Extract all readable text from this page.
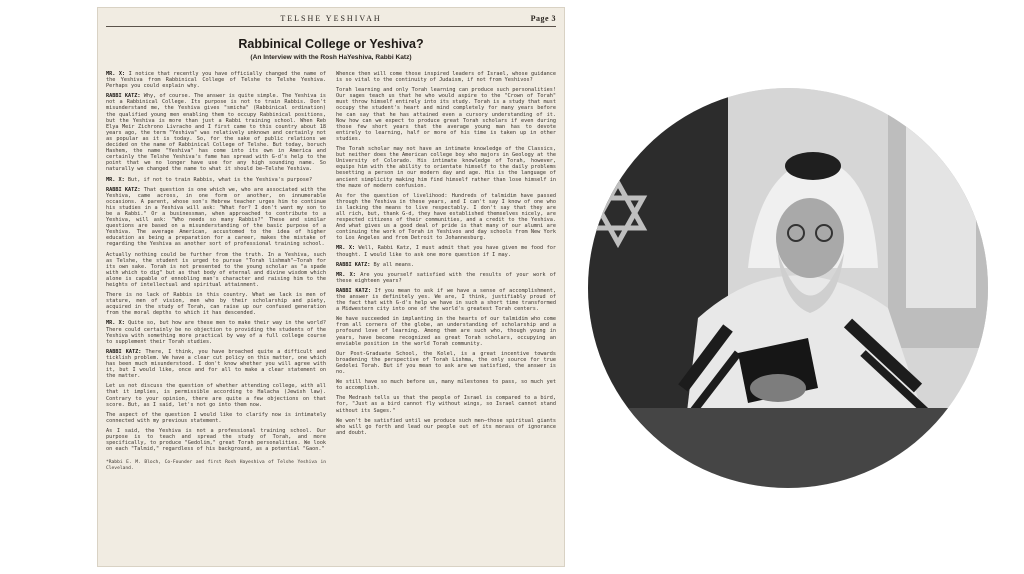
TELSHE YESHIVAH	Page 3
Rabbinical College or Yeshiva?
(An Interview with the Rosh HaYeshiva, Rabbi Katz)

MR. X: I notice that recently you have officially changed the name of the Yeshiva from Rabbinical College of Telshe to Telshe Yeshiva. Perhaps you could explain why.

RABBI KATZ: Why, of course. The answer is quite simple. The Yeshiva is not a Rabbinical College. Its purpose is not to train Rabbis. Don't misunderstand me, the Yeshiva gives "smicha" (Rabbinical ordination) the qualified young men enabling them to occupy Rabbinical positions, but the Yeshiva is more than just a Rabbi training school. When Reb Elya Meir Zichrono Livracho and I first came to this country about 18 years ago, the term "Yeshiva" was relatively unknown and certainly not as popular as it is today. So, for the sake of public relations we decided on the name of Rabbinical College of Telshe. But today, boruch Hashem, the name "Yeshiva" has come into its own in America and certainly the Telshe Yeshiva's fame has spread with G-d's help to the point that we no longer have use for any high sounding name. So naturally we changed the name to what it should be—Telshe Yeshiva.

MR. X: But, if not to train Rabbis, what is the Yeshiva's purpose?

RABBI KATZ: That question is one which we, who are associated with the Yeshiva, came across, in one form or another, on innumerable occasions. A parent, whose son's Hebrew teacher urges him to continue his studies in a Yeshiva will ask: "What for? I don't want my son to be a Rabbi." Or a businessman, when approached to contribute to a Yeshiva, will ask: "Who needs so many Rabbis?" These and similar questions are based on a misunderstanding of the basic purpose of a Yeshiva. The average American, accustomed to the idea of higher education as being a preparation for a career, makes the mistake of regarding the Yeshiva as another sort of professional training school.

Actually nothing could be further from the truth. In a Yeshiva, such as Telshe, the student is urged to pursue "Torah lishmah"—Torah for its own sake. Torah is not presented to the young scholar as "a spade with which to dig" but as that body of eternal and divine wisdom which alone is capable of ennobling man's character and raising him to the heights of intellectual and spiritual attainment.

There is no lack of Rabbis in this country. What we lack is men of stature, men of vision, men who by their scholarship and piety, acquired in the study of Torah, can raise up our confused generation from the moral depths to which it has descended.

MR. X: Quite so, but how are these men to make their way in the world? There could certainly be no objection to providing the students of the Yeshiva with something more practical by way of a full college course to supplement their Torah studies.

RABBI KATZ: There, I think, you have broached quite a difficult and ticklish problem. We have a clear cut policy on this matter, one which has been much misunderstood. I don't know whether you will agree with it, but I would like, once and for all to make a clear statement on the matter.

Let us not discuss the question of whether attending college, with all that it implies, is permissible according to Halacha (Jewish law). Contrary to your opinion, there are quite a few objections on that score. But, as I said, let's not go into them now.

The aspect of the question I would like to clarify now is intimately connected with my previous statement.

As I said, the Yeshiva is not a professional training school. Our purpose is to teach and spread the study of Torah, and more specifically, to produce "Gedolim," great Torah personalities. We look on each "Talmid," regardless of his background, as a potential "Gaon."

*Rabbi E. M. Bloch, Co-Founder and first Rosh Hayeshiva of Telshe Yeshiva in Cleveland.

Whence then will come those inspired leaders of Israel, whose guidance is so vital to the continuity of Judaism, if not from Yeshivos?

Torah learning and only Torah learning can produce such personalities! Our sages teach us that he who would aspire to the "Crown of Torah" must throw himself entirely into its study. Torah is a study that must occupy the student's heart and mind completely for many years before he can say that he has attained even a cursory understanding of it. Now how can we expect to produce great Torah scholars if even during those few short years that the average young man has to devote entirely to learning, half or more of his time is taken up in other studies.

The Torah scholar may not have an intimate knowledge of the Classics, but neither does the American college boy who majors in Geology at the University of Colorado. His intimate knowledge of Torah, however, equips him with the ability to orientate himself to the daily problems besetting a person in our modern day and age. His is the language of ancient simplicity making him find himself rather than lose himself in the maze of modern confusion.

As for the question of livelihood: Hundreds of talmidim have passed through the Yeshiva in these years, and I can't say I know of one who is lacking the means to live respectably. I don't say that they are all rich, but, thank G-d, they have established themselves nicely, are respected citizens of their communities, and a credit to the Yeshiva. And what gives us a good deal of pride is that many of our alumni are continuing the work of Torah in Yeshivos and day schools from New York to Los Angeles and from Detroit to Johannesburg.

MR. X: Well, Rabbi Katz, I must admit that you have given me food for thought. I would like to ask one more question if I may.

RABBI KATZ: By all means.

MR. X: Are you yourself satisfied with the results of your work of these eighteen years?

RABBI KATZ: If you mean to ask if we have a sense of accomplishment, the answer is definitely yes. We are, I think, justifiably proud of the fact that with G-d's help we have in such a short time transformed a Midwestern city into one of the world's greatest Torah centers.

We have succeeded in implanting in the hearts of our talmidim who come from all corners of the globe, an understanding of scholarship and a profound love of learning. Among them are such who, though young in years, have become recognized as great Torah scholars, occupying an enviable position in the world Torah community.

Our Post-Graduate School, the Kolel, is a great incentive towards broadening the perspective of Torah Lishma, the only source for true Gedolei Torah. But if you mean to ask are we satisfied, the answer is no.

We still have so much before us, many milestones to pass, so much yet to accomplish.

The Medrash tells us that the people of Israel is compared to a bird, for, "Just as a bird cannot fly without wings, so Israel cannot stand without its Sages."

We won't be satisfied until we produce such men—those spiritual giants who will go forth and lead our people out of its morass of ignorance and doubt.
